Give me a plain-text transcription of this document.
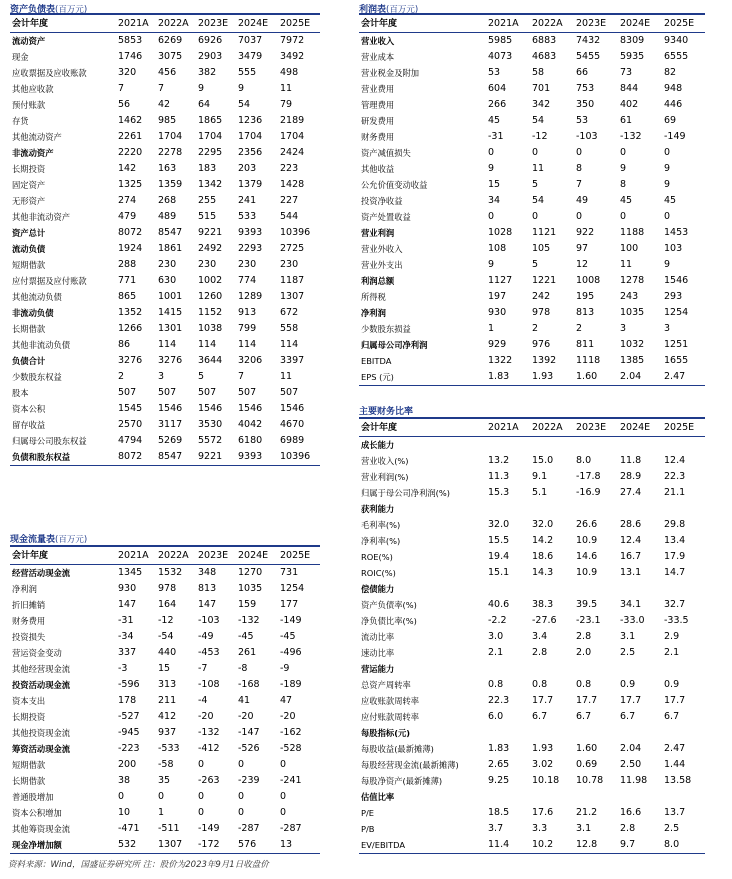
资产负债表(百万元)
会计年度	2021A	2022A	2023E	2024E	2025E
流动资产	5853	6269	6926	7037	7972
现金	1746	3075	2903	3479	3492
应收票据及应收账款	320	456	382	555	498
其他应收款	7	7	9	9	11
预付账款	56	42	64	54	79
存货	1462	985	1865	1236	2189
其他流动资产	2261	1704	1704	1704	1704
非流动资产	2220	2278	2295	2356	2424
长期投资	142	163	183	203	223
固定资产	1325	1359	1342	1379	1428
无形资产	274	268	255	241	227
其他非流动资产	479	489	515	533	544
资产总计	8072	8547	9221	9393	10396
流动负债	1924	1861	2492	2293	2725
短期借款	288	230	230	230	230
应付票据及应付账款	771	630	1002	774	1187
其他流动负债	865	1001	1260	1289	1307
非流动负债	1352	1415	1152	913	672
长期借款	1266	1301	1038	799	558
其他非流动负债	86	114	114	114	114
负债合计	3276	3276	3644	3206	3397
少数股东权益	2	3	5	7	11
股本	507	507	507	507	507
资本公积	1545	1546	1546	1546	1546
留存收益	2570	3117	3530	4042	4670
归属母公司股东权益	4794	5269	5572	6180	6989
负债和股东权益	8072	8547	9221	9393	10396
利润表(百万元)
会计年度	2021A	2022A	2023E	2024E	2025E
营业收入	5985	6883	7432	8309	9340
营业成本	4073	4683	5455	5935	6555
营业税金及附加	53	58	66	73	82
营业费用	604	701	753	844	948
管理费用	266	342	350	402	446
研发费用	45	54	53	61	69
财务费用	-31	-12	-103	-132	-149
资产减值损失	0	0	0	0	0
其他收益	9	11	8	9	9
公允价值变动收益	15	5	7	8	9
投资净收益	34	54	49	45	45
资产处置收益	0	0	0	0	0
营业利润	1028	1121	922	1188	1453
营业外收入	108	105	97	100	103
营业外支出	9	5	12	11	9
利润总额	1127	1221	1008	1278	1546
所得税	197	242	195	243	293
净利润	930	978	813	1035	1254
少数股东损益	1	2	2	3	3
归属母公司净利润	929	976	811	1032	1251
EBITDA	1322	1392	1118	1385	1655
EPS (元)	1.83	1.93	1.60	2.04	2.47
现金流量表(百万元)
会计年度	2021A	2022A	2023E	2024E	2025E
经营活动现金流	1345	1532	348	1270	731
净利润	930	978	813	1035	1254
折旧摊销	147	164	147	159	177
财务费用	-31	-12	-103	-132	-149
投资损失	-34	-54	-49	-45	-45
营运资金变动	337	440	-453	261	-496
其他经营现金流	-3	15	-7	-8	-9
投资活动现金流	-596	313	-108	-168	-189
资本支出	178	211	-4	41	47
长期投资	-527	412	-20	-20	-20
其他投资现金流	-945	937	-132	-147	-162
筹资活动现金流	-223	-533	-412	-526	-528
短期借款	200	-58	0	0	0
长期借款	38	35	-263	-239	-241
普通股增加	0	0	0	0	0
资本公积增加	10	1	0	0	0
其他筹资现金流	-471	-511	-149	-287	-287
现金净增加额	532	1307	-172	576	13
主要财务比率
会计年度	2021A	2022A	2023E	2024E	2025E
成长能力					
营业收入(%)	13.2	15.0	8.0	11.8	12.4
营业利润(%)	11.3	9.1	-17.8	28.9	22.3
归属于母公司净利润(%)	15.3	5.1	-16.9	27.4	21.1
获利能力					
毛利率(%)	32.0	32.0	26.6	28.6	29.8
净利率(%)	15.5	14.2	10.9	12.4	13.4
ROE(%)	19.4	18.6	14.6	16.7	17.9
ROIC(%)	15.1	14.3	10.9	13.1	14.7
偿债能力					
资产负债率(%)	40.6	38.3	39.5	34.1	32.7
净负债比率(%)	-2.2	-27.6	-23.1	-33.0	-33.5
流动比率	3.0	3.4	2.8	3.1	2.9
速动比率	2.1	2.8	2.0	2.5	2.1
营运能力					
总资产周转率	0.8	0.8	0.8	0.9	0.9
应收账款周转率	22.3	17.7	17.7	17.7	17.7
应付账款周转率	6.0	6.7	6.7	6.7	6.7
每股指标(元)					
每股收益(最新摊薄)	1.83	1.93	1.60	2.04	2.47
每股经营现金流(最新摊薄)	2.65	3.02	0.69	2.50	1.44
每股净资产(最新摊薄)	9.25	10.18	10.78	11.98	13.58
估值比率					
P/E	18.5	17.6	21.2	16.6	13.7
P/B	3.7	3.3	3.1	2.8	2.5
EV/EBITDA	11.4	10.2	12.8	9.7	8.0
资料来源：Wind，国盛证券研究所 注：股价为2023年9月1日收盘价
